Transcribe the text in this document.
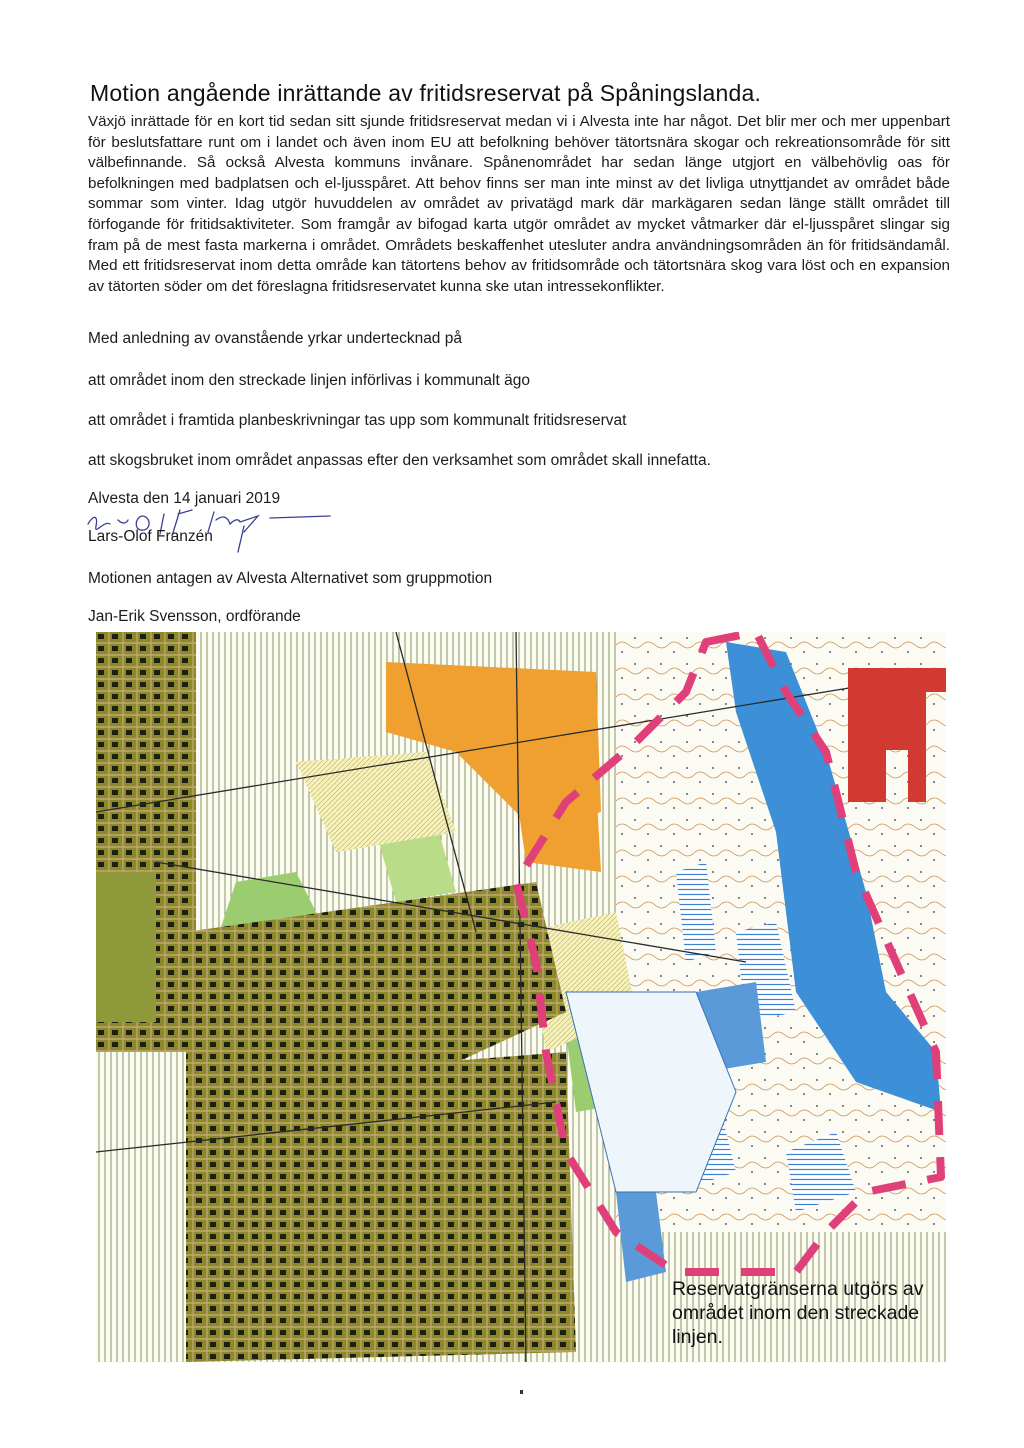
Motion angående inrättande av fritidsreservat på Spåningslanda.
Växjö inrättade för en kort tid sedan sitt sjunde fritidsreservat medan vi i Alvesta inte har något. Det blir mer och mer uppenbart för beslutsfattare runt om i landet och även inom EU att befolkning behöver tätortsnära skogar och rekreationsområde för sitt välbefinnande. Så också Alvesta kommuns invånare. Spånenområdet har sedan länge utgjort en välbehövlig oas för befolkningen med badplatsen och el-ljusspåret. Att behov finns ser man inte minst av det livliga utnyttjandet av området både sommar som vinter. Idag utgör huvuddelen av området av privatägd mark där markägaren sedan länge ställt området till förfogande för fritidsaktiviteter. Som framgår av bifogad karta utgör området av mycket våtmarker där el-ljusspåret slingar sig fram på de mest fasta markerna i området. Områdets beskaffenhet utesluter andra användningsområden än för fritidsändamål. Med ett fritidsreservat inom detta område kan tätortens behov av fritidsområde och tätortsnära skog vara löst och en expansion av tätorten söder om det föreslagna fritidsreservatet kunna ske utan intressekonflikter.
Med anledning av ovanstående yrkar undertecknad på
att området inom den streckade linjen införlivas i kommunalt ägo
att området i framtida planbeskrivningar tas upp som kommunalt fritidsreservat
att skogsbruket inom området anpassas efter den verksamhet som området skall innefatta.
Alvesta den 14 januari 2019
Lars-Olof Franzén
Motionen antagen av Alvesta Alternativet som gruppmotion
Jan-Erik Svensson, ordförande
Reservatgränserna utgörs av området inom den streckade linjen.
